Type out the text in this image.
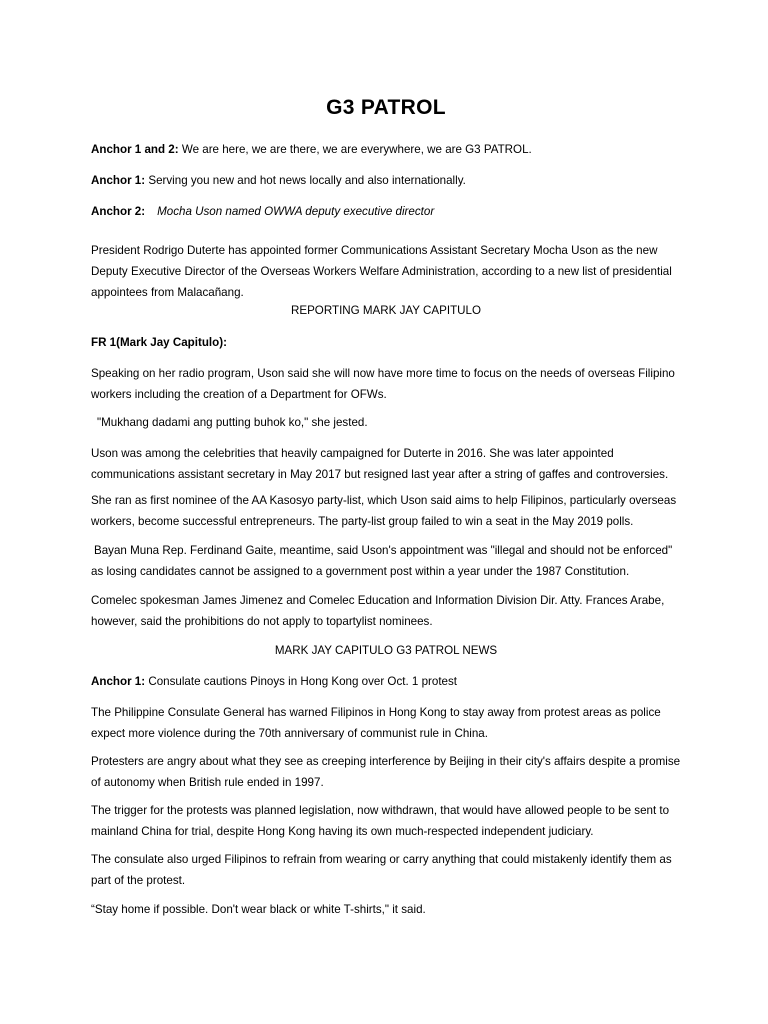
G3 PATROL
Anchor 1 and 2: We are here, we are there, we are everywhere, we are G3 PATROL.
Anchor 1: Serving you new and hot news locally and also internationally.
Anchor 2: Mocha Uson named OWWA deputy executive director
President Rodrigo Duterte has appointed former Communications Assistant Secretary Mocha Uson as the new
Deputy Executive Director of the Overseas Workers Welfare Administration, according to a new list of presidential
appointees from Malacañang.
REPORTING MARK JAY CAPITULO
FR 1(Mark Jay Capitulo):
Speaking on her radio program, Uson said she will now have more time to focus on the needs of overseas Filipino
workers including the creation of a Department for OFWs.
"Mukhang dadami ang putting buhok ko," she jested.
Uson was among the celebrities that heavily campaigned for Duterte in 2016. She was later appointed
communications assistant secretary in May 2017 but resigned last year after a string of gaffes and controversies.
She ran as first nominee of the AA Kasosyo party-list, which Uson said aims to help Filipinos, particularly overseas
workers, become successful entrepreneurs. The party-list group failed to win a seat in the May 2019 polls.
Bayan Muna Rep. Ferdinand Gaite, meantime, said Uson's appointment was "illegal and should not be enforced"
as losing candidates cannot be assigned to a government post within a year under the 1987 Constitution.
Comelec spokesman James Jimenez and Comelec Education and Information Division Dir. Atty. Frances Arabe,
however, said the prohibitions do not apply to topartylist nominees.
MARK JAY CAPITULO G3 PATROL NEWS
Anchor 1: Consulate cautions Pinoys in Hong Kong over Oct. 1 protest
The Philippine Consulate General has warned Filipinos in Hong Kong to stay away from protest areas as police
expect more violence during the 70th anniversary of communist rule in China.
Protesters are angry about what they see as creeping interference by Beijing in their city's affairs despite a promise
of autonomy when British rule ended in 1997.
The trigger for the protests was planned legislation, now withdrawn, that would have allowed people to be sent to
mainland China for trial, despite Hong Kong having its own much-respected independent judiciary.
The consulate also urged Filipinos to refrain from wearing or carry anything that could mistakenly identify them as
part of the protest.
“Stay home if possible. Don't wear black or white T-shirts," it said.
